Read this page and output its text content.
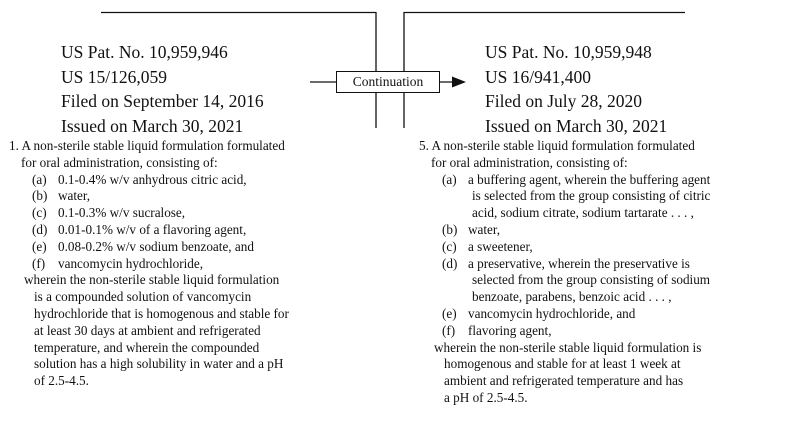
Continuation
US Pat. No. 10,959,946
US 15/126,059
Filed on September 14, 2016
Issued on March 30, 2021
US Pat. No. 10,959,948
US 16/941,400
Filed on July 28, 2020
Issued on March 30, 2021
1. A non-sterile stable liquid formulation formulated
for oral administration, consisting of:
(a) 0.1-0.4% w/v anhydrous citric acid,
(b) water,
(c) 0.1-0.3% w/v sucralose,
(d) 0.01-0.1% w/v of a flavoring agent,
(e) 0.08-0.2% w/v sodium benzoate, and
(f) vancomycin hydrochloride,
wherein the non-sterile stable liquid formulation
is a compounded solution of vancomycin
hydrochloride that is homogenous and stable for
at least 30 days at ambient and refrigerated
temperature, and wherein the compounded
solution has a high solubility in water and a pH
of 2.5-4.5.
5. A non-sterile stable liquid formulation formulated
for oral administration, consisting of:
(a) a buffering agent, wherein the buffering agent
is selected from the group consisting of citric
acid, sodium citrate, sodium tartarate . . . ,
(b) water,
(c) a sweetener,
(d) a preservative, wherein the preservative is
selected from the group consisting of sodium
benzoate, parabens, benzoic acid . . . ,
(e) vancomycin hydrochloride, and
(f) flavoring agent,
wherein the non-sterile stable liquid formulation is
homogenous and stable for at least 1 week at
ambient and refrigerated temperature and has
a pH of 2.5-4.5.
